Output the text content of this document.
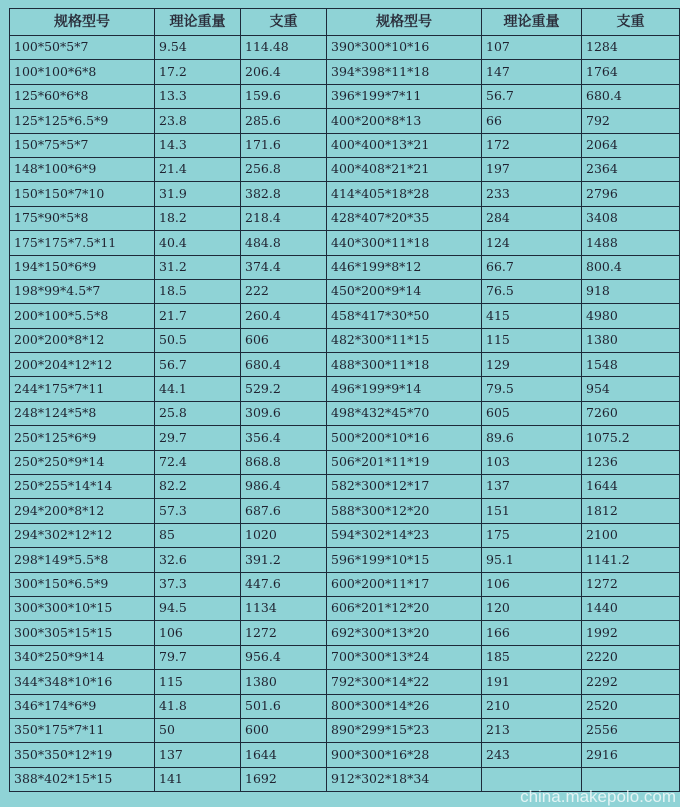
规格型号	理论重量	支重	规格型号	理论重量	支重
100*50*5*7	9.54	114.48	390*300*10*16	107	1284
100*100*6*8	17.2	206.4	394*398*11*18	147	1764
125*60*6*8	13.3	159.6	396*199*7*11	56.7	680.4
125*125*6.5*9	23.8	285.6	400*200*8*13	66	792
150*75*5*7	14.3	171.6	400*400*13*21	172	2064
148*100*6*9	21.4	256.8	400*408*21*21	197	2364
150*150*7*10	31.9	382.8	414*405*18*28	233	2796
175*90*5*8	18.2	218.4	428*407*20*35	284	3408
175*175*7.5*11	40.4	484.8	440*300*11*18	124	1488
194*150*6*9	31.2	374.4	446*199*8*12	66.7	800.4
198*99*4.5*7	18.5	222	450*200*9*14	76.5	918
200*100*5.5*8	21.7	260.4	458*417*30*50	415	4980
200*200*8*12	50.5	606	482*300*11*15	115	1380
200*204*12*12	56.7	680.4	488*300*11*18	129	1548
244*175*7*11	44.1	529.2	496*199*9*14	79.5	954
248*124*5*8	25.8	309.6	498*432*45*70	605	7260
250*125*6*9	29.7	356.4	500*200*10*16	89.6	1075.2
250*250*9*14	72.4	868.8	506*201*11*19	103	1236
250*255*14*14	82.2	986.4	582*300*12*17	137	1644
294*200*8*12	57.3	687.6	588*300*12*20	151	1812
294*302*12*12	85	1020	594*302*14*23	175	2100
298*149*5.5*8	32.6	391.2	596*199*10*15	95.1	1141.2
300*150*6.5*9	37.3	447.6	600*200*11*17	106	1272
300*300*10*15	94.5	1134	606*201*12*20	120	1440
300*305*15*15	106	1272	692*300*13*20	166	1992
340*250*9*14	79.7	956.4	700*300*13*24	185	2220
344*348*10*16	115	1380	792*300*14*22	191	2292
346*174*6*9	41.8	501.6	800*300*14*26	210	2520
350*175*7*11	50	600	890*299*15*23	213	2556
350*350*12*19	137	1644	900*300*16*28	243	2916
388*402*15*15	141	1692	912*302*18*34		
china.makepolo.com
